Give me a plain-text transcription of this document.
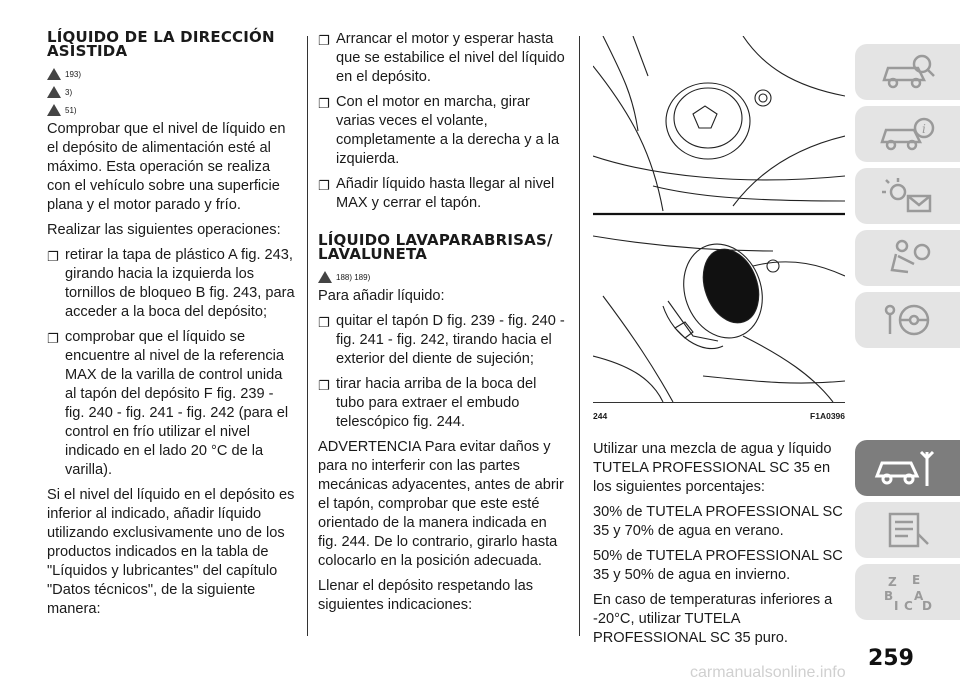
LÍQUIDO DE LA DIRECCIÓN ASISTIDA
193)
3)
51)

Comprobar que el nivel de líquido en el depósito de alimentación esté al máximo. Esta operación se realiza con el vehículo sobre una superficie plana y el motor parado y frío.

Realizar las siguientes operaciones:

❐ retirar la tapa de plástico A fig. 243, girando hacia la izquierda los tornillos de bloqueo B fig. 243, para acceder a la boca del depósito;
❐ comprobar que el líquido se encuentre al nivel de la referencia MAX de la varilla de control unida al tapón del depósito F fig. 239 - fig. 240 - fig. 241 - fig. 242 (para el control en frío utilizar el nivel indicado en el lado 20 °C de la varilla).

Si el nivel del líquido en el depósito es inferior al indicado, añadir líquido utilizando exclusivamente uno de los productos indicados en la tabla de "Líquidos y lubricantes" del capítulo "Datos técnicos", de la siguiente manera:

❐ Arrancar el motor y esperar hasta que se estabilice el nivel del líquido en el depósito.
❐ Con el motor en marcha, girar varias veces el volante, completamente a la derecha y a la izquierda.
❐ Añadir líquido hasta llegar al nivel MAX y cerrar el tapón.
LÍQUIDO LAVAPARABRISAS/ LAVALUNETA
188) 189)

Para añadir líquido:

❐ quitar el tapón D fig. 239 - fig. 240 - fig. 241 - fig. 242, tirando hacia el exterior del diente de sujeción;
❐ tirar hacia arriba de la boca del tubo para extraer el embudo telescópico fig. 244.

ADVERTENCIA Para evitar daños y para no interferir con las partes mecánicas adyacentes, antes de abrir el tapón, comprobar que este esté orientado de la manera indicada en fig. 244. De lo contrario, girarlo hasta colocarlo en la posición adecuada.

Llenar el depósito respetando las siguientes indicaciones:

244	F1A0396

Utilizar una mezcla de agua y líquido TUTELA PROFESSIONAL SC 35 en los siguientes porcentajes:

30% de TUTELA PROFESSIONAL SC 35 y 70% de agua en verano.

50% de TUTELA PROFESSIONAL SC 35 y 50% de agua en invierno.

En caso de temperaturas inferiores a -20°C, utilizar TUTELA PROFESSIONAL SC 35 puro.

i
Z E
B A
I C D
259
carmanualsonline.info
